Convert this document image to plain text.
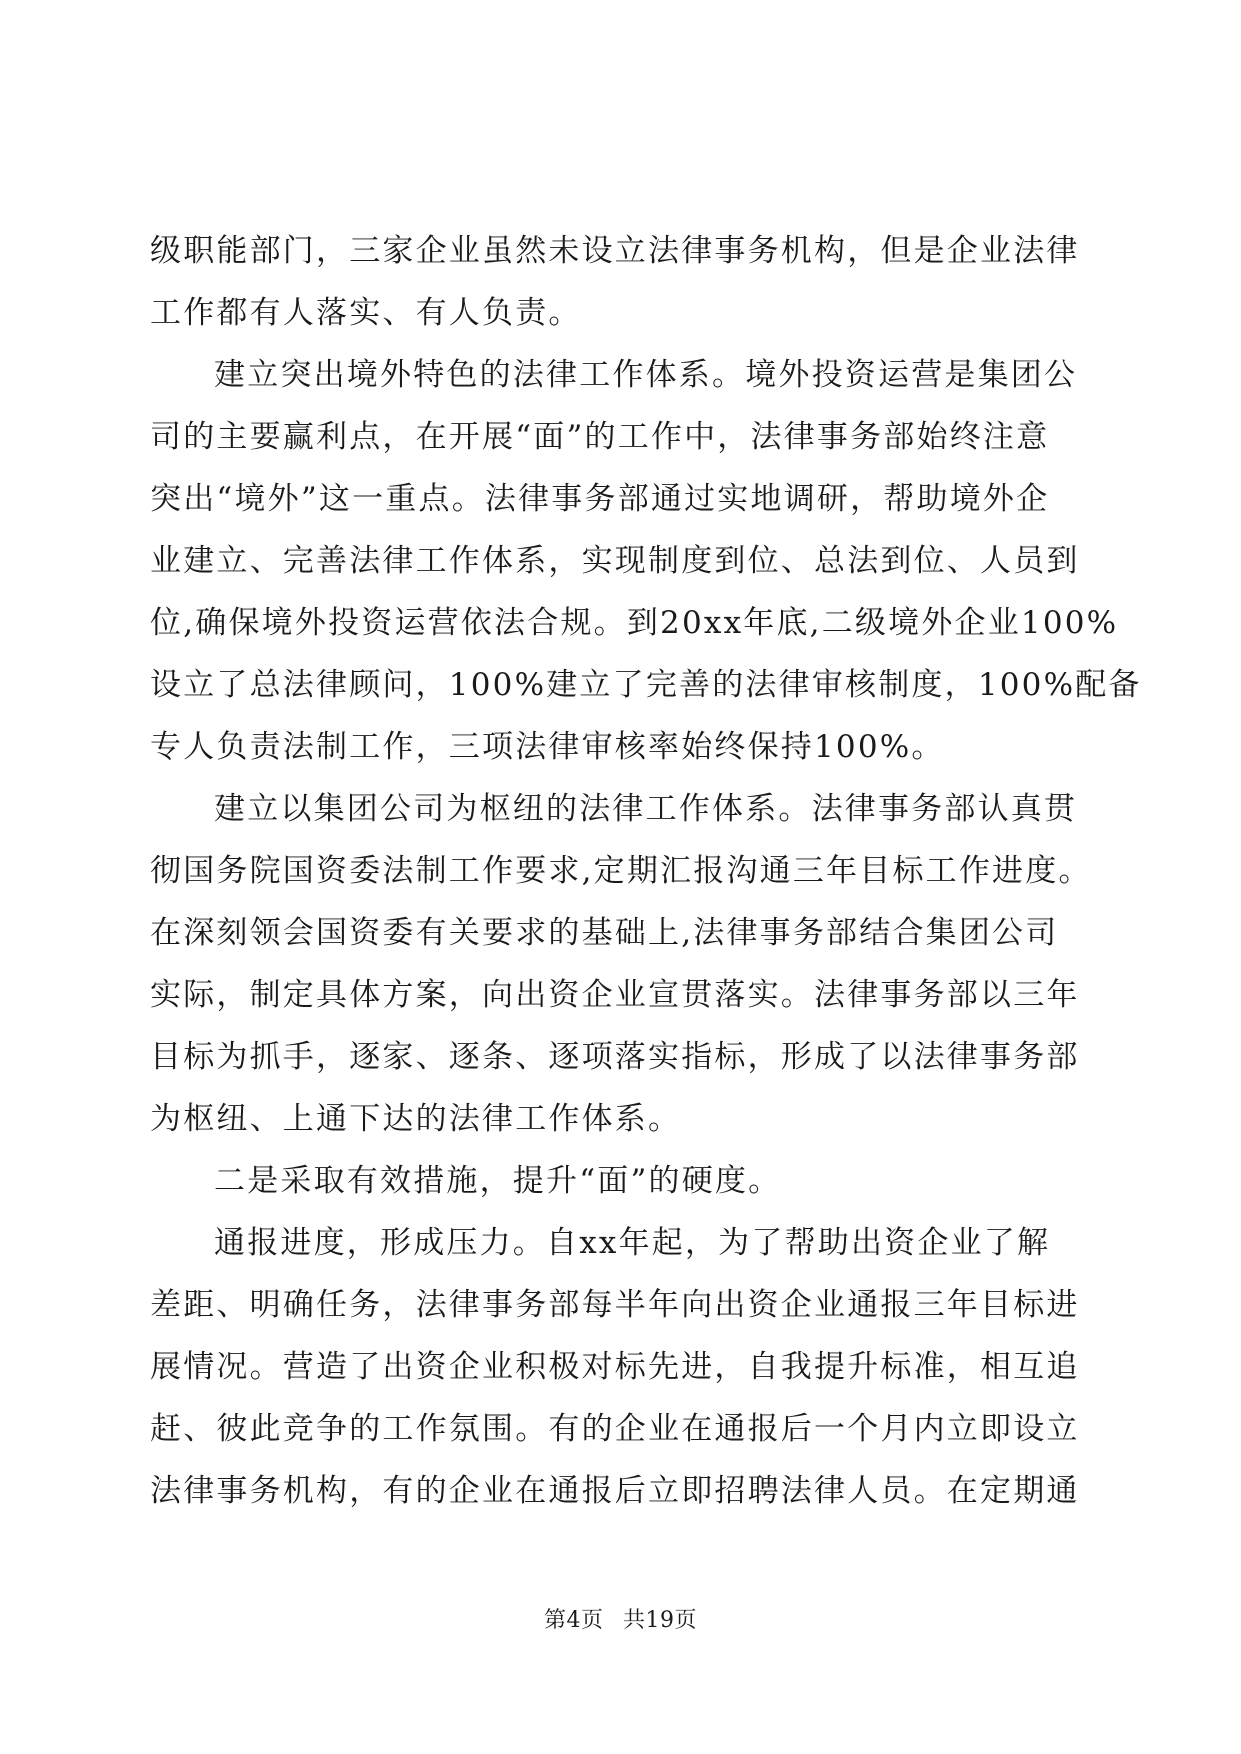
级职能部门，三家企业虽然未设立法律事务机构，但是企业法律
工作都有人落实、有人负责。
建立突出境外特色的法律工作体系。境外投资运营是集团公
司的主要赢利点，在开展“面”的工作中，法律事务部始终注意
突出“境外”这一重点。法律事务部通过实地调研，帮助境外企
业建立、完善法律工作体系，实现制度到位、总法到位、人员到
位,确保境外投资运营依法合规。到20xx年底,二级境外企业100%
设立了总法律顾问，100%建立了完善的法律审核制度，100%配备
专人负责法制工作，三项法律审核率始终保持100%。
建立以集团公司为枢纽的法律工作体系。法律事务部认真贯
彻国务院国资委法制工作要求,定期汇报沟通三年目标工作进度。
在深刻领会国资委有关要求的基础上,法律事务部结合集团公司
实际，制定具体方案，向出资企业宣贯落实。法律事务部以三年
目标为抓手，逐家、逐条、逐项落实指标，形成了以法律事务部
为枢纽、上通下达的法律工作体系。
二是采取有效措施，提升“面”的硬度。
通报进度，形成压力。自xx年起，为了帮助出资企业了解
差距、明确任务，法律事务部每半年向出资企业通报三年目标进
展情况。营造了出资企业积极对标先进，自我提升标准，相互追
赶、彼此竞争的工作氛围。有的企业在通报后一个月内立即设立
法律事务机构，有的企业在通报后立即招聘法律人员。在定期通
第4页 共19页
